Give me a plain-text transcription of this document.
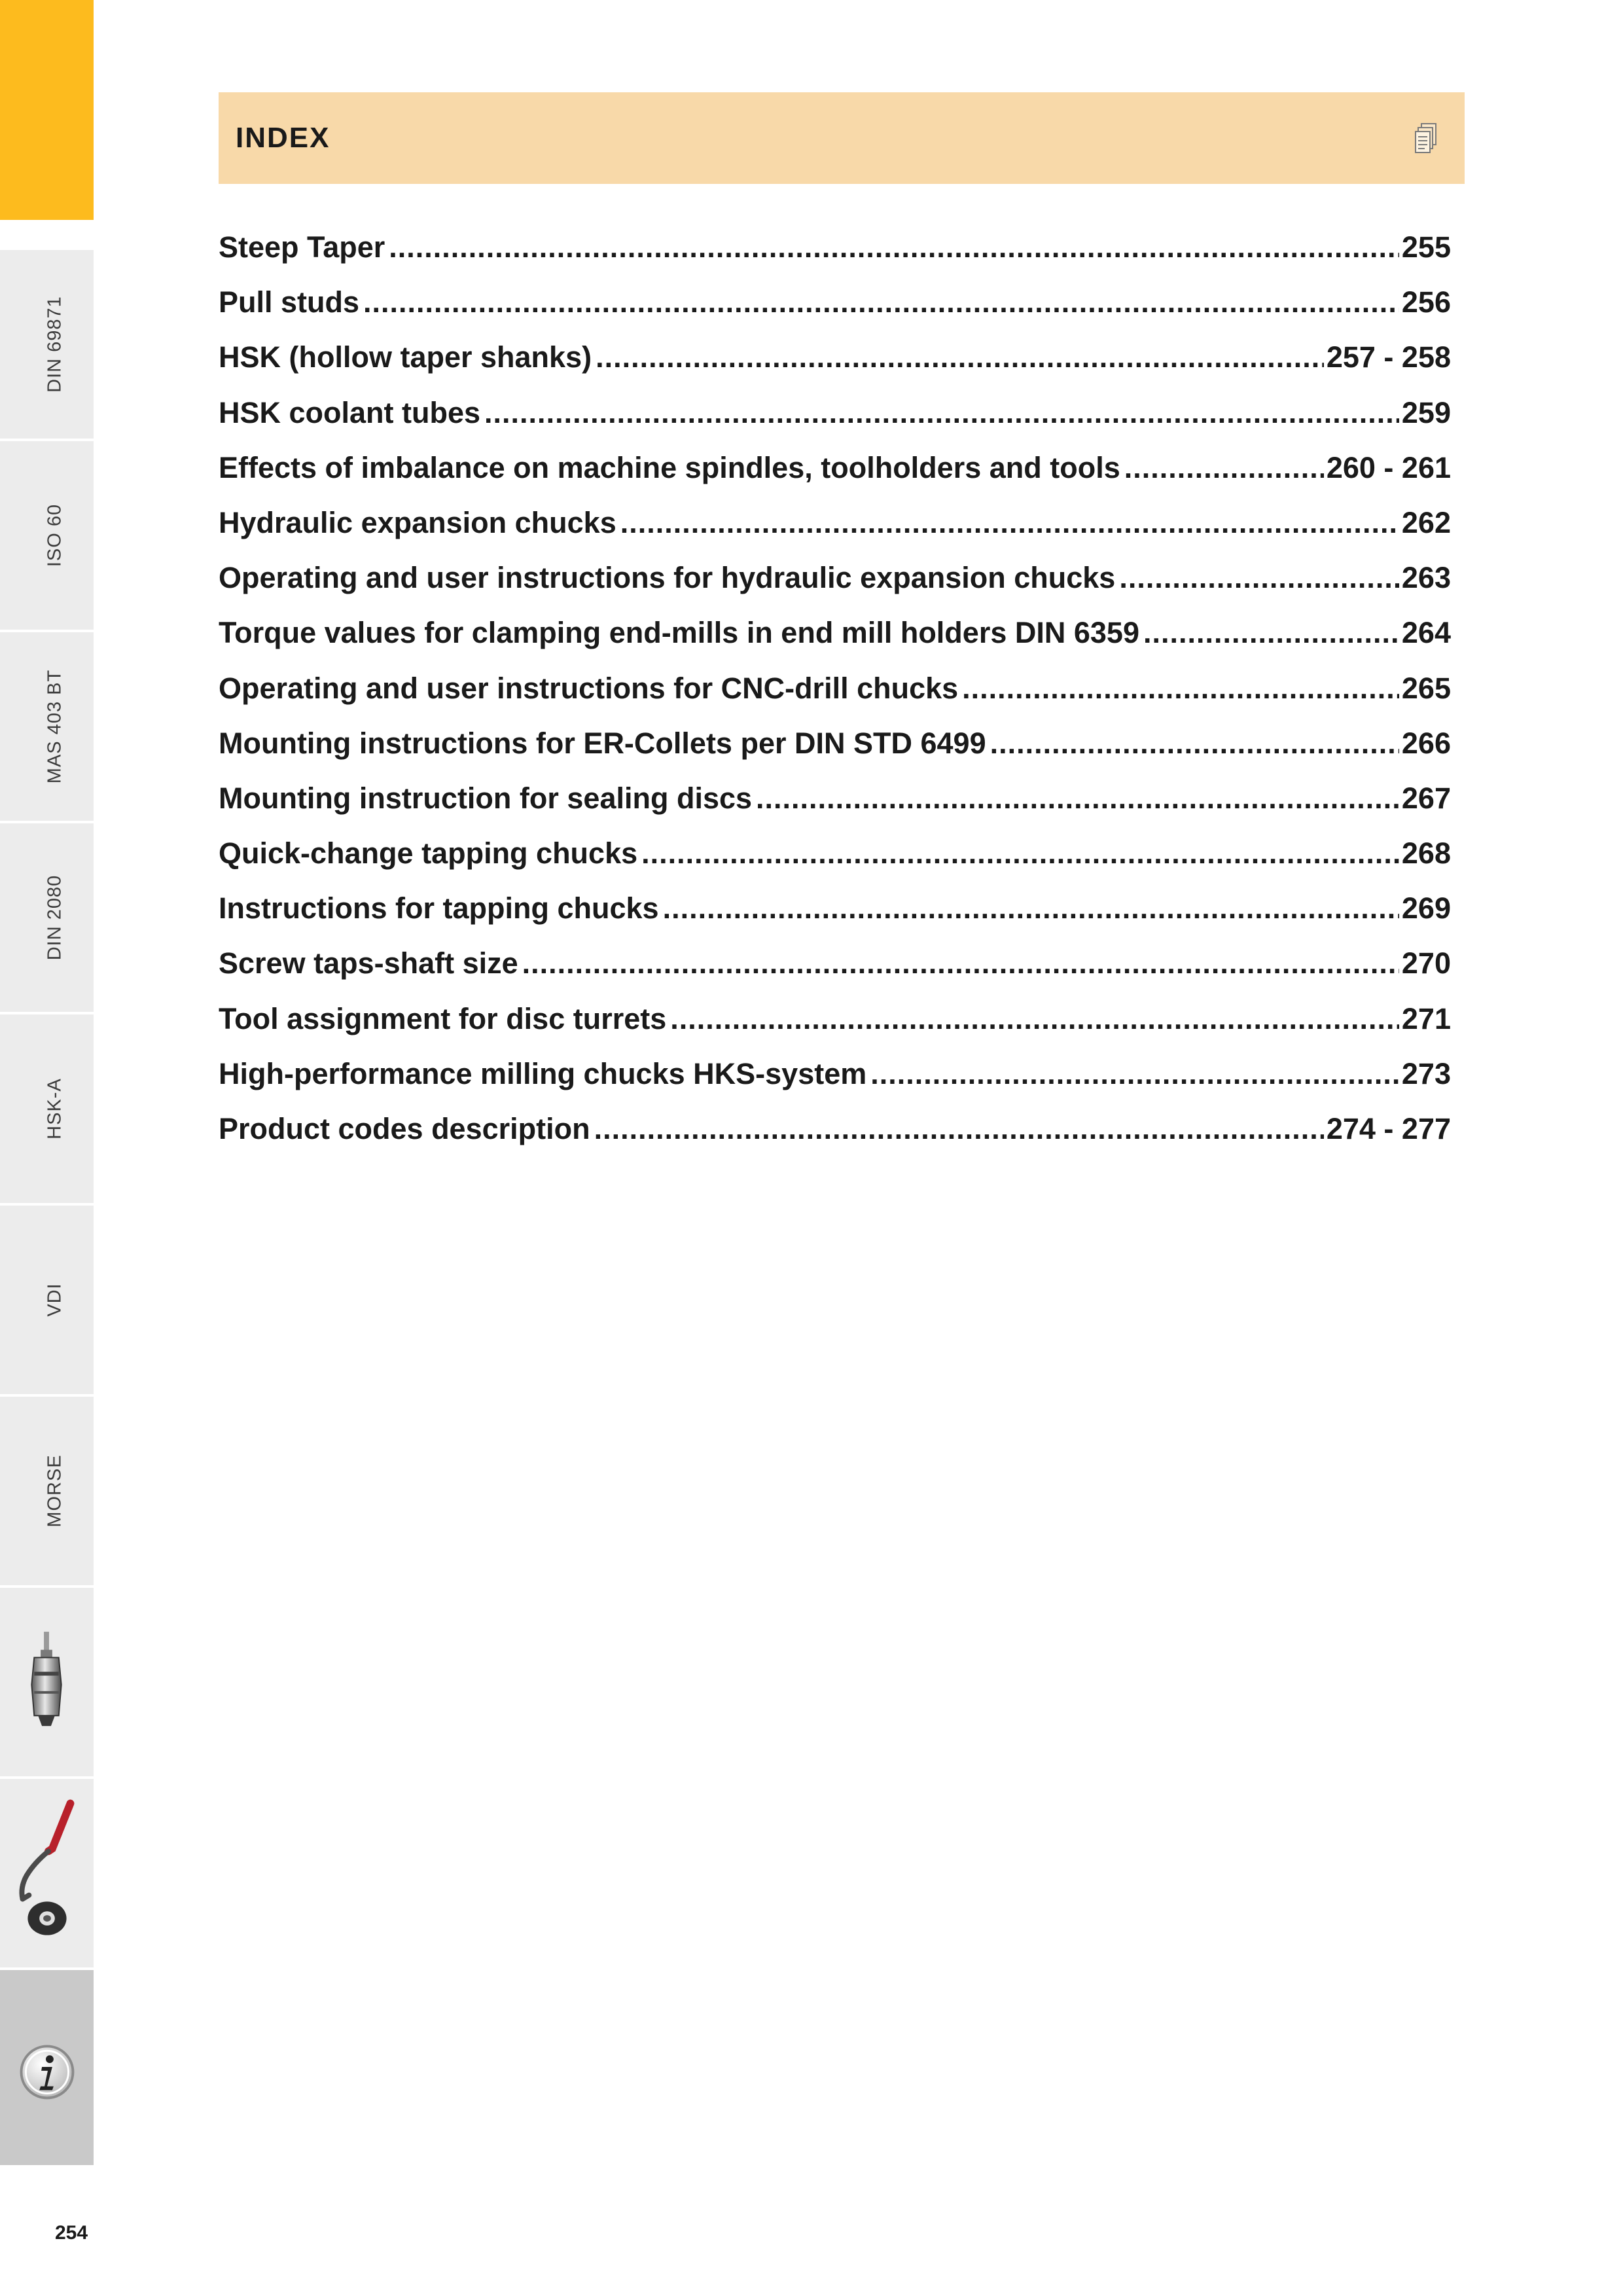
DIN 69871
ISO 60
MAS 403 BT
DIN 2080
HSK-A
VDI
MORSE
INDEX
Steep Taper .....	255
Pull studs .....	256
HSK (hollow taper shanks) .....	257 - 258
HSK coolant tubes .....	259
Effects of imbalance on machine spindles, toolholders and tools .....	260 - 261
Hydraulic expansion chucks .....	262
Operating and user instructions for hydraulic expansion chucks .....	263
Torque values for clamping end-mills in end mill holders DIN 6359 .....	264
Operating and user instructions for CNC-drill chucks .....	265
Mounting instructions for ER-Collets per DIN STD 6499 .....	266
Mounting instruction for sealing discs .....	267
Quick-change tapping chucks .....	268
Instructions for tapping chucks .....	269
Screw taps-shaft size .....	270
Tool assignment for disc turrets .....	271
High-performance milling chucks HKS-system .....	273
Product codes description .....	274 - 277
254
